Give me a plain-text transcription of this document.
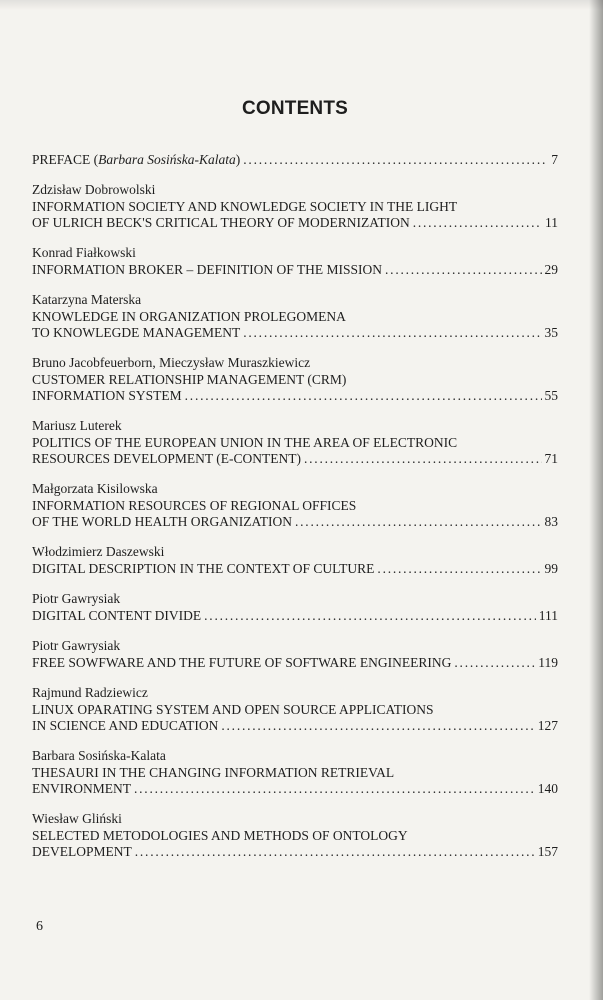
CONTENTS
PREFACE (Barbara Sosińska-Kalata) . . .	7
Zdzisław Dobrowolski
INFORMATION SOCIETY AND KNOWLEDGE SOCIETY IN THE LIGHT
OF ULRICH BECK'S CRITICAL THEORY OF MODERNIZATION . . .	11
Konrad Fiałkowski
INFORMATION BROKER – DEFINITION OF THE MISSION . . .	29
Katarzyna Materska
KNOWLEDGE IN ORGANIZATION PROLEGOMENA
TO KNOWLEGDE MANAGEMENT . . .	35
Bruno Jacobfeuerborn, Mieczysław Muraszkiewicz
CUSTOMER RELATIONSHIP MANAGEMENT (CRM)
INFORMATION SYSTEM . . .	55
Mariusz Luterek
POLITICS OF THE EUROPEAN UNION IN THE AREA OF ELECTRONIC
RESOURCES DEVELOPMENT (E-CONTENT) . . .	71
Małgorzata Kisilowska
INFORMATION RESOURCES OF REGIONAL OFFICES
OF THE WORLD HEALTH ORGANIZATION . . .	83
Włodzimierz Daszewski
DIGITAL DESCRIPTION IN THE CONTEXT OF CULTURE . . .	99
Piotr Gawrysiak
DIGITAL CONTENT DIVIDE . . .	111
Piotr Gawrysiak
FREE SOWFWARE AND THE FUTURE OF SOFTWARE ENGINEERING . . .	119
Rajmund Radziewicz
LINUX OPARATING SYSTEM AND OPEN SOURCE APPLICATIONS
IN SCIENCE AND EDUCATION . . .	127
Barbara Sosińska-Kalata
THESAURI IN THE CHANGING INFORMATION RETRIEVAL
ENVIRONMENT . . .	140
Wiesław Gliński
SELECTED METODOLOGIES AND METHODS OF ONTOLOGY
DEVELOPMENT . . .	157
6
